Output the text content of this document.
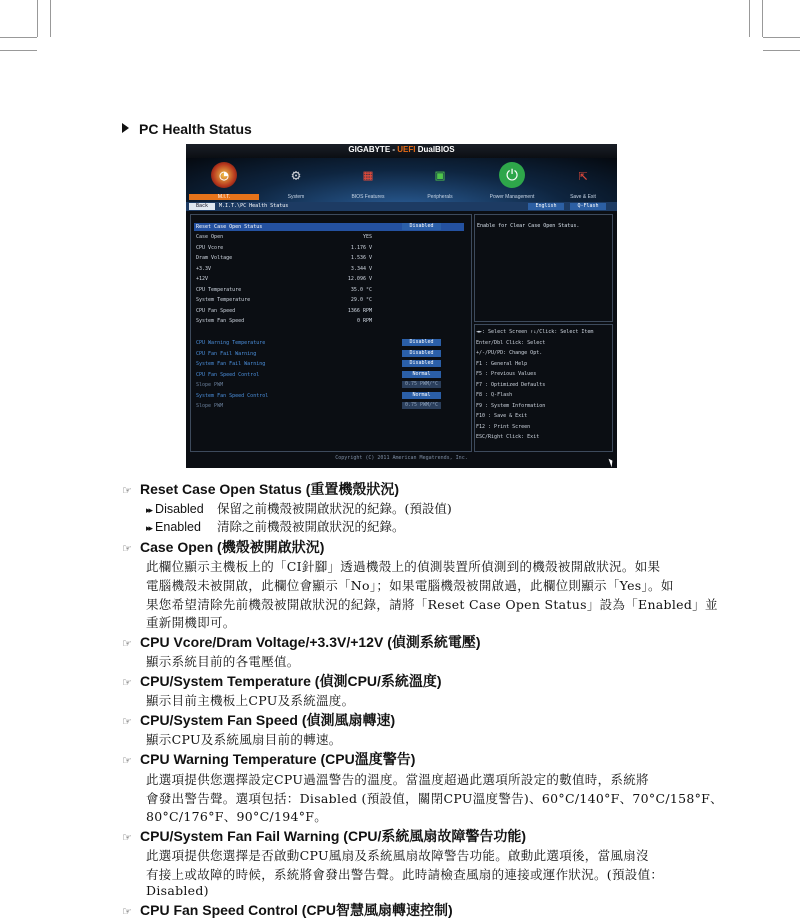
PC Health Status
GIGABYTE - UEFI DualBIOS
◔
M.I.T.
⚙
System
▦
BIOS Features
▣
Peripherals
⏻
Power Management
⇱
Save & Exit
Back	M.I.T.\PC Health Status	English	Q-Flash
Reset Case Open Status	Disabled
Case Open	YES
CPU Vcore	1.176 V
Dram Voltage	1.536 V
+3.3V	3.344 V
+12V	12.096 V
CPU Temperature	35.0 °C
System Temperature	29.0 °C
CPU Fan Speed	1366 RPM
System Fan Speed	0 RPM
CPU Warning Temperature	Disabled
CPU Fan Fail Warning	Disabled
System Fan Fail Warning	Disabled
CPU Fan Speed Control	Normal
Slope PWM	0.75 PWM/°C
System Fan Speed Control	Normal
Slope PWM	0.75 PWM/°C
Enable for Clear Case Open Status.
◄►: Select Screen ↑↓/Click: Select Item
Enter/Dbl Click: Select
+/-/PU/PD: Change Opt.
F1 : General Help
F5 : Previous Values
F7 : Optimized Defaults
F8 : Q-Flash
F9 : System Information
F10 : Save & Exit
F12 : Print Screen
ESC/Right Click: Exit
Copyright (C) 2011 American Megatrends, Inc.
☞ Reset Case Open Status (重置機殼狀況)
▸▸ Disabled 保留之前機殼被開啟狀況的紀錄。(預設值)
▸▸ Enabled 清除之前機殼被開啟狀況的紀錄。
☞ Case Open (機殼被開啟狀況)
此欄位顯示主機板上的「CI針腳」透過機殼上的偵測裝置所偵測到的機殼被開啟狀況。如果
電腦機殼未被開啟，此欄位會顯示「No」；如果電腦機殼被開啟過，此欄位則顯示「Yes」。如
果您希望清除先前機殼被開啟狀況的紀錄，請將「Reset Case Open Status」設為「Enabled」並
重新開機即可。
☞ CPU Vcore/Dram Voltage/+3.3V/+12V (偵測系統電壓)
顯示系統目前的各電壓值。
☞ CPU/System Temperature (偵測CPU/系統溫度)
顯示目前主機板上CPU及系統溫度。
☞ CPU/System Fan Speed (偵測風扇轉速)
顯示CPU及系統風扇目前的轉速。
☞ CPU Warning Temperature (CPU溫度警告)
此選項提供您選擇設定CPU過溫警告的溫度。當溫度超過此選項所設定的數值時，系統將
會發出警告聲。選項包括：Disabled (預設值，關閉CPU溫度警告)、60°C/140°F、70°C/158°F、
80°C/176°F、90°C/194°F。
☞ CPU/System Fan Fail Warning (CPU/系統風扇故障警告功能)
此選項提供您選擇是否啟動CPU風扇及系統風扇故障警告功能。啟動此選項後，當風扇沒
有接上或故障的時候，系統將會發出警告聲。此時請檢查風扇的連接或運作狀況。(預設值：
Disabled)
☞ CPU Fan Speed Control (CPU智慧風扇轉速控制)
